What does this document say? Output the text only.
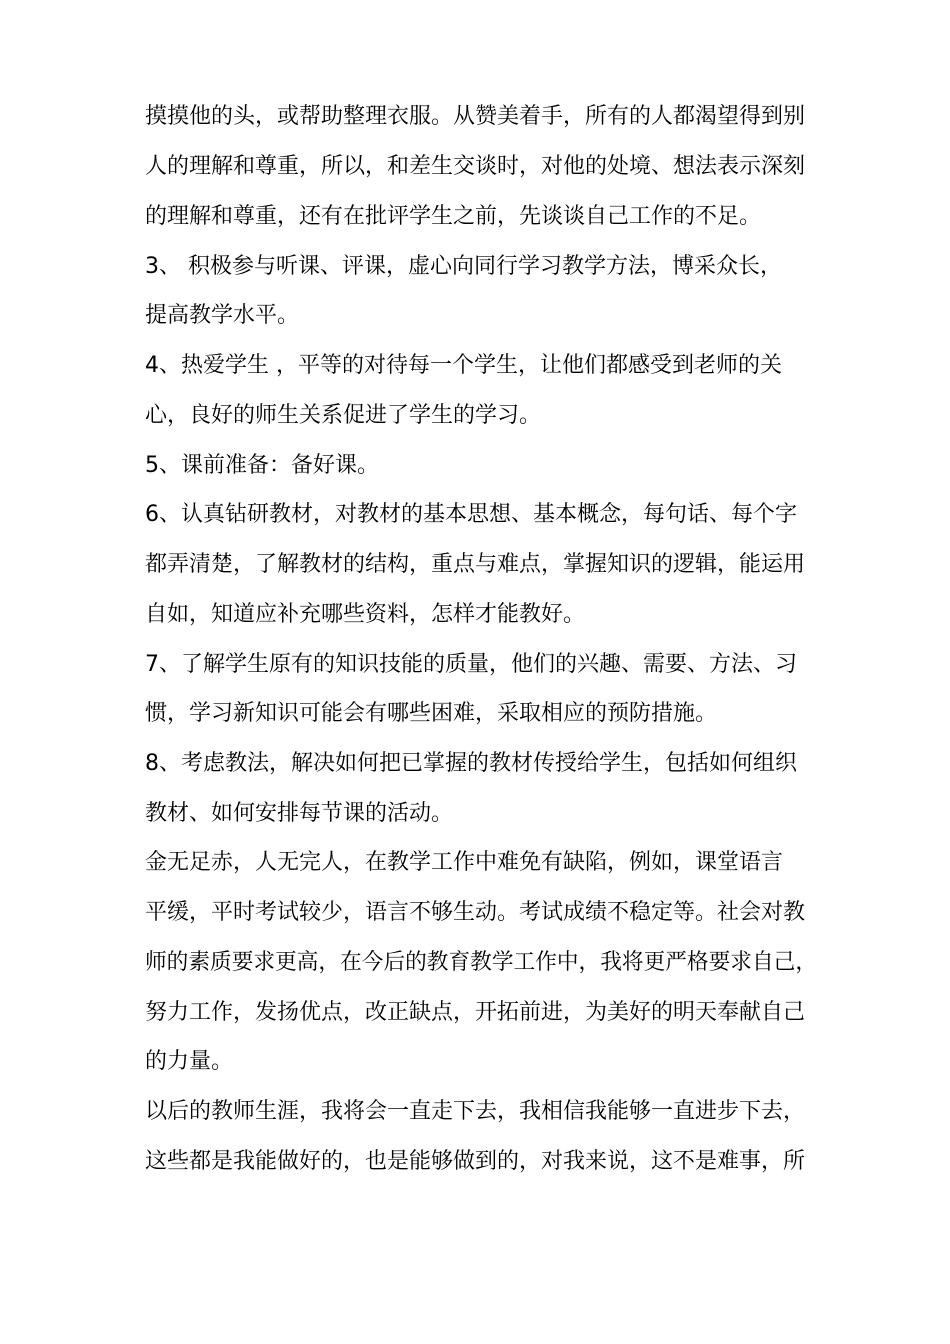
摸摸他的头，或帮助整理衣服。从赞美着手，所有的人都渴望得到别
人的理解和尊重，所以，和差生交谈时，对他的处境、想法表示深刻
的理解和尊重，还有在批评学生之前，先谈谈自己工作的不足。
3、 积极参与听课、评课，虚心向同行学习教学方法，博采众长，
提高教学水平。
4、热爱学生 ，平等的对待每一个学生，让他们都感受到老师的关
心，良好的师生关系促进了学生的学习。
5、课前准备：备好课。
6、认真钻研教材，对教材的基本思想、基本概念，每句话、每个字
都弄清楚，了解教材的结构，重点与难点，掌握知识的逻辑，能运用
自如，知道应补充哪些资料，怎样才能教好。
7、了解学生原有的知识技能的质量，他们的兴趣、需要、方法、习
惯，学习新知识可能会有哪些困难，采取相应的预防措施。
8、考虑教法，解决如何把已掌握的教材传授给学生，包括如何组织
教材、如何安排每节课的活动。
金无足赤，人无完人，在教学工作中难免有缺陷，例如，课堂语言
平缓，平时考试较少，语言不够生动。考试成绩不稳定等。社会对教
师的素质要求更高，在今后的教育教学工作中，我将更严格要求自己，
努力工作，发扬优点，改正缺点，开拓前进，为美好的明天奉献自己
的力量。
以后的教师生涯，我将会一直走下去，我相信我能够一直进步下去，
这些都是我能做好的，也是能够做到的，对我来说，这不是难事，所
